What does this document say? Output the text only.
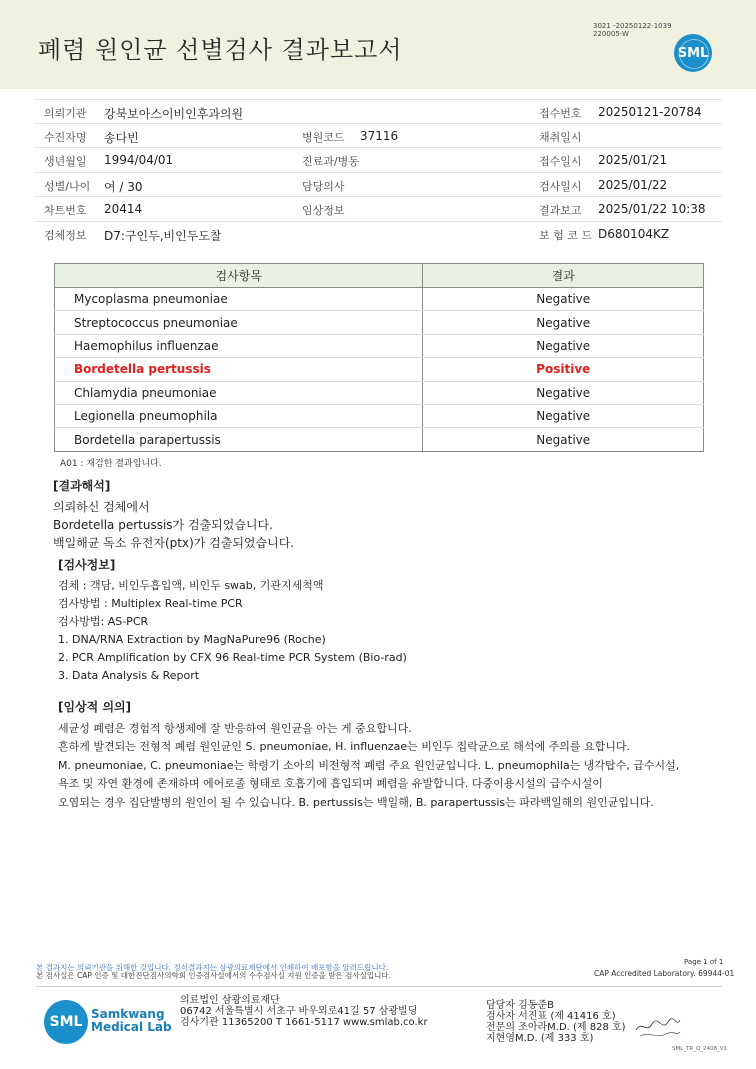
폐렴 원인균 선별검사 결과보고서
3021 -20250122-1039
220005-W
SML
의뢰기관 강북보아스이비인후과의원	접수번호 20250121-20784
수진자명 송다빈	병원코드 37116	채취일시
생년월일 1994/04/01	진료과/병동	접수일시 2025/01/21
성별/나이 여 / 30	담당의사	검사일시 2025/01/22
차트번호 20414	임상정보	결과보고 2025/01/22 10:38
검체정보 D7:구인두,비인두도찰	보 험 코 드 D680104KZ
검사항목	결과
Mycoplasma pneumoniae	Negative
Streptococcus pneumoniae	Negative
Haemophilus influenzae	Negative
Bordetella pertussis	Positive
Chlamydia pneumoniae	Negative
Legionella pneumophila	Negative
Bordetella parapertussis	Negative
A01 : 재검한 결과입니다.
[결과해석]
의뢰하신 검체에서
Bordetella pertussis가 검출되었습니다.
백일해균 독소 유전자(ptx)가 검출되었습니다.
[검사정보]
검체 : 객담, 비인두흡입액, 비인두 swab, 기관지세척액
검사방법 : Multiplex Real-time PCR
검사방법: AS-PCR
1. DNA/RNA Extraction by MagNaPure96 (Roche)
2. PCR Amplification by CFX 96 Real-time PCR System (Bio-rad)
3. Data Analysis & Report
[임상적 의의]
세균성 폐렴은 경험적 항생제에 잘 반응하여 원인균을 아는 게 중요합니다.
흔하게 발견되는 전형적 폐렴 원인균인 S. pneumoniae, H. influenzae는 비인두 집락균으로 해석에 주의를 요합니다.
M. pneumoniae, C. pneumoniae는 학령기 소아의 비전형적 폐렴 주요 원인균입니다. L. pneumophila는 냉각탑수, 급수시설,
욕조 및 자연 환경에 존재하며 에어로졸 형태로 호흡기에 흡입되며 폐렴을 유발합니다. 다중이용시설의 급수시설이
오염되는 경우 집단발병의 원인이 될 수 있습니다. B. pertussis는 백일해, B. parapertussis는 파라백일해의 원인균입니다.
본 결과지는 의뢰기관을 위해한 것입니다. 정식결과지는 삼광의료재단에서 인쇄하여 배포함을 알려드립니다.
본 검사실은 CAP 인증 및 대한진단검사의학회 인증검사실에서의 수수검사실 지원 인증을 받은 검사실입니다.
Page 1 of 1
CAP Accredited Laboratory. 69944-01
SML Samkwang
Medical Lab
의료법인 삼광의료재단
06742 서울특별시 서초구 바우뫼로41길 57 삼광빌딩
검사기관 11365200 T 1661-5117 www.smlab.co.kr
담당자 김동준B
검사자 서진표 (제 41416 호)
전문의 조아라M.D. (제 828 호)
지현영M.D. (제 333 호)
SML_TR_Q_2408_V1
